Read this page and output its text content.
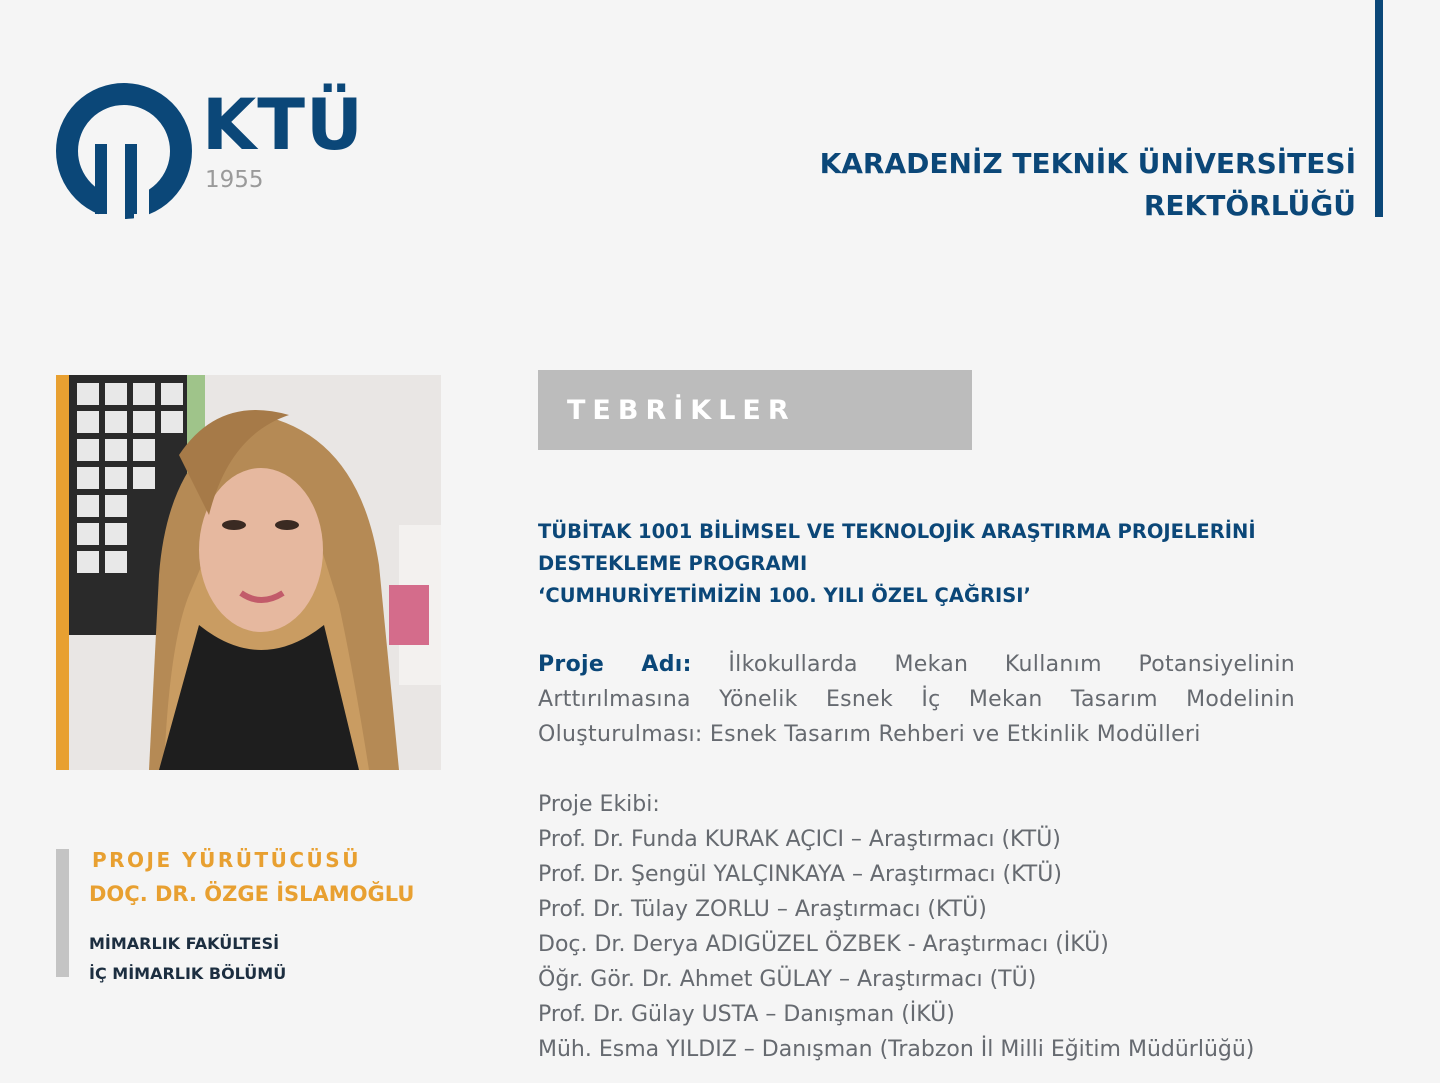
KTÜ
1955	KARADENİZ TEKNİK ÜNİVERSİTESİ
REKTÖRLÜĞÜ
PROJE YÜRÜTÜCÜSÜ
DOÇ. DR. ÖZGE İSLAMOĞLU
MİMARLIK FAKÜLTESİ
İÇ MİMARLIK BÖLÜMÜ
TEBRİKLER
TÜBİTAK 1001 BİLİMSEL VE TEKNOLOJİK ARAŞTIRMA PROJELERİNİ
DESTEKLEME PROGRAMI
‘CUMHURİYETİMİZİN 100. YILI ÖZEL ÇAĞRISI’
Proje Adı: İlkokullarda Mekan Kullanım Potansiyelinin Arttırılmasına Yönelik Esnek İç Mekan Tasarım Modelinin Oluşturulması: Esnek Tasarım Rehberi ve Etkinlik Modülleri
Proje Ekibi:
Prof. Dr. Funda KURAK AÇICI – Araştırmacı (KTÜ)
Prof. Dr. Şengül YALÇINKAYA – Araştırmacı (KTÜ)
Prof. Dr. Tülay ZORLU – Araştırmacı (KTÜ)
Doç. Dr. Derya ADIGÜZEL ÖZBEK - Araştırmacı (İKÜ)
Öğr. Gör. Dr. Ahmet GÜLAY – Araştırmacı (TÜ)
Prof. Dr. Gülay USTA – Danışman (İKÜ)
Müh. Esma YILDIZ – Danışman (Trabzon İl Milli Eğitim Müdürlüğü)
